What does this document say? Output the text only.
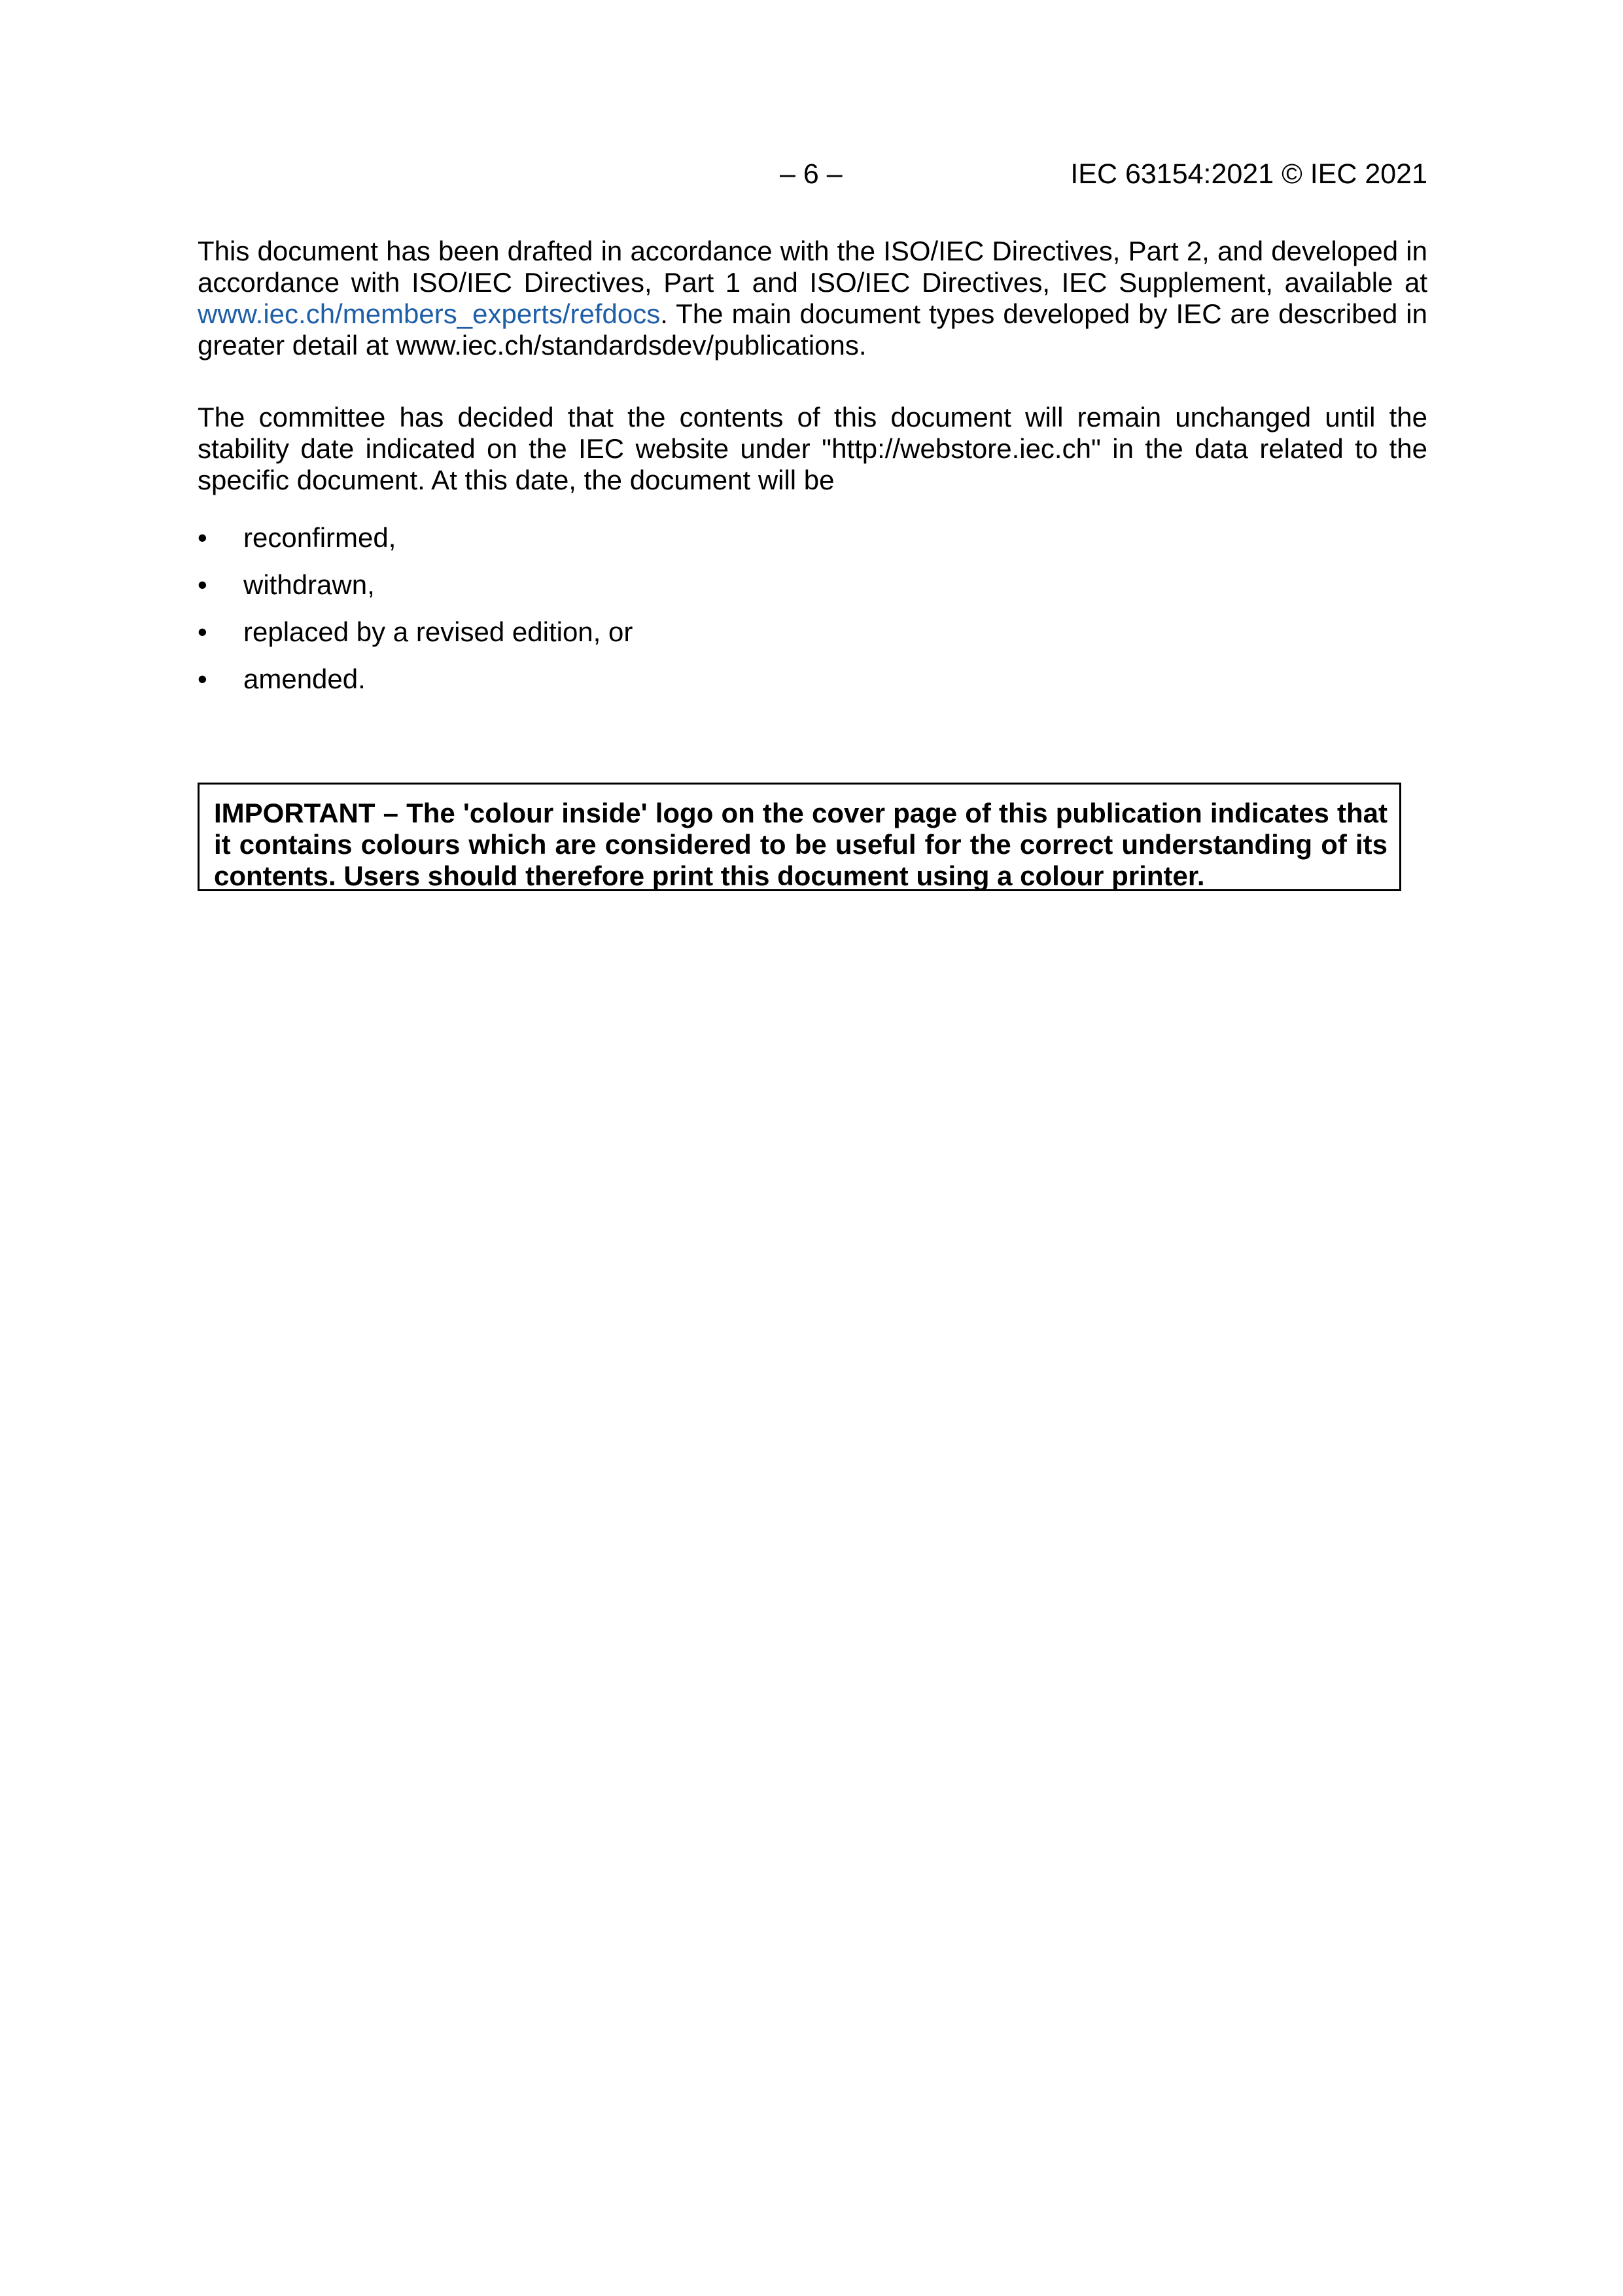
– 6 –	IEC 63154:2021 © IEC 2021

This document has been drafted in accordance with the ISO/IEC Directives, Part 2, and developed in accordance with ISO/IEC Directives, Part 1 and ISO/IEC Directives, IEC Supplement, available at www.iec.ch/members_experts/refdocs. The main document types developed by IEC are described in greater detail at www.iec.ch/standardsdev/publications.

The committee has decided that the contents of this document will remain unchanged until the stability date indicated on the IEC website under "http://webstore.iec.ch" in the data related to the specific document. At this date, the document will be

•	reconfirmed,
•	withdrawn,
•	replaced by a revised edition, or
•	amended.
IMPORTANT – The 'colour inside' logo on the cover page of this publication indicates that it contains colours which are considered to be useful for the correct understanding of its contents. Users should therefore print this document using a colour printer.
